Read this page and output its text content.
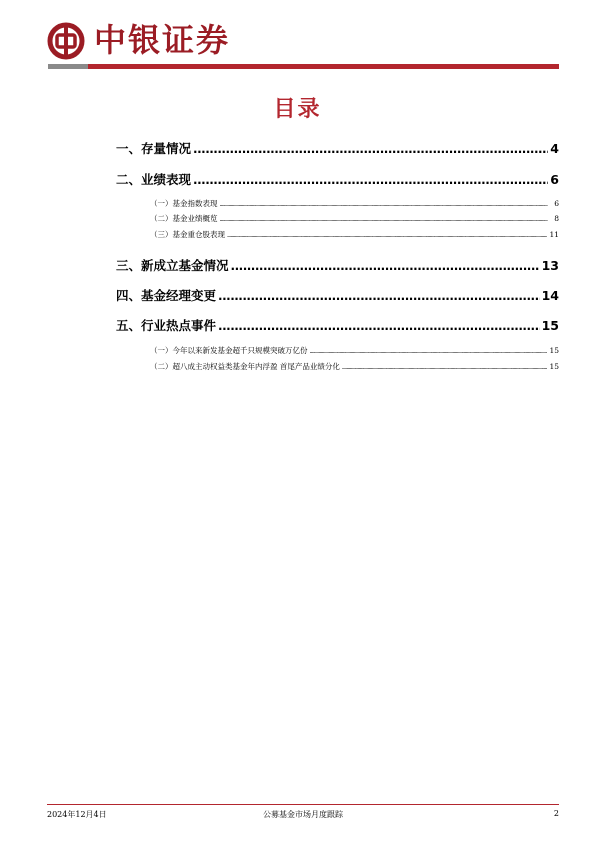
中银证券
目录
一、存量情况 .....	4
二、业绩表现 .....	6
（一）基金指数表现 .....	6
（二）基金业绩概览 .....	8
（三）基金重仓股表现 .....	11
三、新成立基金情况 .....	13
四、基金经理变更 .....	14
五、行业热点事件 .....	15
（一）今年以来新发基金超千只规模突破万亿份 .....	15
（二）超八成主动权益类基金年内浮盈 首尾产品业绩分化 .....	15
2024年12月4日	公募基金市场月度跟踪	2
